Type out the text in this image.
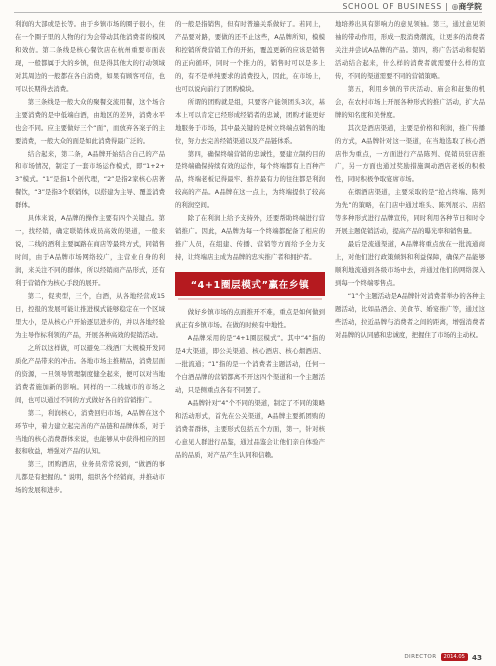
SCHOOL OF BUSINESS | ◎商学院

利润的大部或是长等。由于乡镇市场的圈子很小，住在一个圈子里的人物的行为会带动其他消费者的模风和效仿。第二条线是核心餐饮店在杭州重要市面表现，一般都属于大的乡镇，但是得其他大的行动领域对其周边的一般都在各自消费，如果有顾客可信，也可以长期得去消费。

第三条线是一般大众的聚餐交流用餐，这个场合主要消费的是中低端白酒，由地区的差异，消费水平也会不同。应主要做好三个“面”，而放弃各案子的主要消费，一般大众的面是如此消费得最广泛的。

结合起来，第二条，A品牌开始结合自己的产品和市场情况，制定了一套市场运作模式，即“1+2+3”模式。“1”是指1个创代理，“2”是指2家核心店著餐饮，“3”是指3个联销体，以搭建为主导、覆盖消费群体。

具体来说，A品牌的操作主要有四个关键点。第一，找经销，确定联销体成员高效的渠道，一般来说，二线的酒利主要属路在商店等最终方式，同销售时间，由于A品牌市场网络较广，主营业自身的利润，来关注不同的群体，所以经销商产品形式，还有利于营销作为核心手段的展开。

第二，促卖型，三个，白酒，从各地经营成15日，控报的发展可能让推进模式能够稳定在一个区域里大小，是从核心户开始逐层进步的，并以各地经验为主导作标利领的产品，开展各种高效的促销活动。

之所以这样做，可以避免二线酒厂大规模开发同质化产品带来的冲击。各地市场主推精品，消费层面的资源，一旦领导管理制度健全起来，便可以对当地消费者施加新的影响。同样的一二线城市的市场之间，也可以通过不同的方式做好各自的营销推广。

第二，利润核心，消费回归市场，A品牌在这个环节中，着力建立起完善的产品链和品牌体系，对于当地的核心消费群体来说，也能够从中获得相应的回报和收益，增强对产品的认知。

第三，团购酒店，业务员常常说到，“做酒的事儿都是有把握的。” 说明，组织各个经销商，并推动市场的发展和进步。

的一般是指销售，但有时普遍关系做好了。若同上，产品要对路，要做的还不止这些，A品牌所知，模模和控销所费营销工作的开拓，覆盖更新的应该是销售的正向循环，同时一个推力的，销售时可以是多上的，有不是单纯要求的消费投入，因此，在市场上，也可以说向前行了团购模块。

所谓的团购就是组，只要客户能领团头3次，基本上可以肯定已经形成经销者的忠诚，团购才能更好地服务于市场，其中最关键的是树立终端点销售的地位，努力去完善经销渠道以及产品链体系。

第四，确保终端营销的忠诚性，要建立制约目的是终端确保持续有效的运作，每个终端都有上百种产品，终端老板记得最牢、推荐最有力的往往都是利润较高的产品。A品牌在这一点上，为终端提供了较高的利润空间。

除了在利润上给予支持外，还要帮助终端进行营销推广。因此，A品牌为每一个终端都配备了相应的推广人员，在组建、传播、营销等方面给予全力支持，让终端店主成为品牌的忠实推广者和拥护者。

“4+1圈层模式”赢在乡镇

做好乡镇市场的点面推开不难，重点是如何做到真正有乡镇市场。在做的时候有中地性。

A品牌采用的是“4+1圈层模式”。其中“4”指的是4大渠道，即公关渠道、核心酒店、核心烟酒店、一批流通；“1”指的是一个消费者主题活动，任何一个白酒品牌的营销都离不开这四个渠道和一个主题活动，只是侧重点各有不同罢了。

A品牌针对“4”个不同的渠道，制定了不同的策略和活动形式，首先在公关渠道，A品牌主要抓团购的消费者群体，主要形式包括五个方面，第一，针对核心意见人群进行品鉴，通过品鉴会让他们亲自体验产品的品质，对产品产生认同和信赖。

地培养出具有影响力的意见领袖。第三，通过意见领袖的带动作用，形成一股消费潮流，让更多的消费者关注并尝试A品牌的产品。第四，将广告活动和促销活动结合起来，什么样的消费者就需要什么样的宣传，不同的渠道需要不同的营销策略。

第五，利用乡镇的节庆活动、庙会和赶集的机会，在农村市场上开展各种形式的推广活动，扩大品牌的知名度和美誉度。

其次是酒店渠道，主要是价格和利润，推广传播的方式，A品牌针对这一渠道，在当地选取了核心酒店作为重点，一方面进行产品陈列、促销员驻店推广，另一方面也通过奖励措施调动酒店老板的积极性，同时积极争取宴席市场。

在烟酒店渠道，主要采取的是“抢占终端、陈列为先”的策略，在门店中通过堆头、陈列展示、店招等多种形式进行品牌宣传，同时利用各种节日和时令开展主题促销活动，提高产品的曝光率和销售量。

最后是流通渠道，A品牌将重点放在一批流通商上，对他们进行政策倾斜和利益保障，确保产品能够顺利地流通到各级市场中去，并通过他们的网络深入到每一个终端零售点。

“1”个主题活动是A品牌针对消费者举办的各种主题活动，比如品酒会、美食节、婚宴推广等，通过这些活动，拉近品牌与消费者之间的距离，增强消费者对品牌的认同感和忠诚度，把握住了市场的主动权。

DIRECTOR	2014.05 43
